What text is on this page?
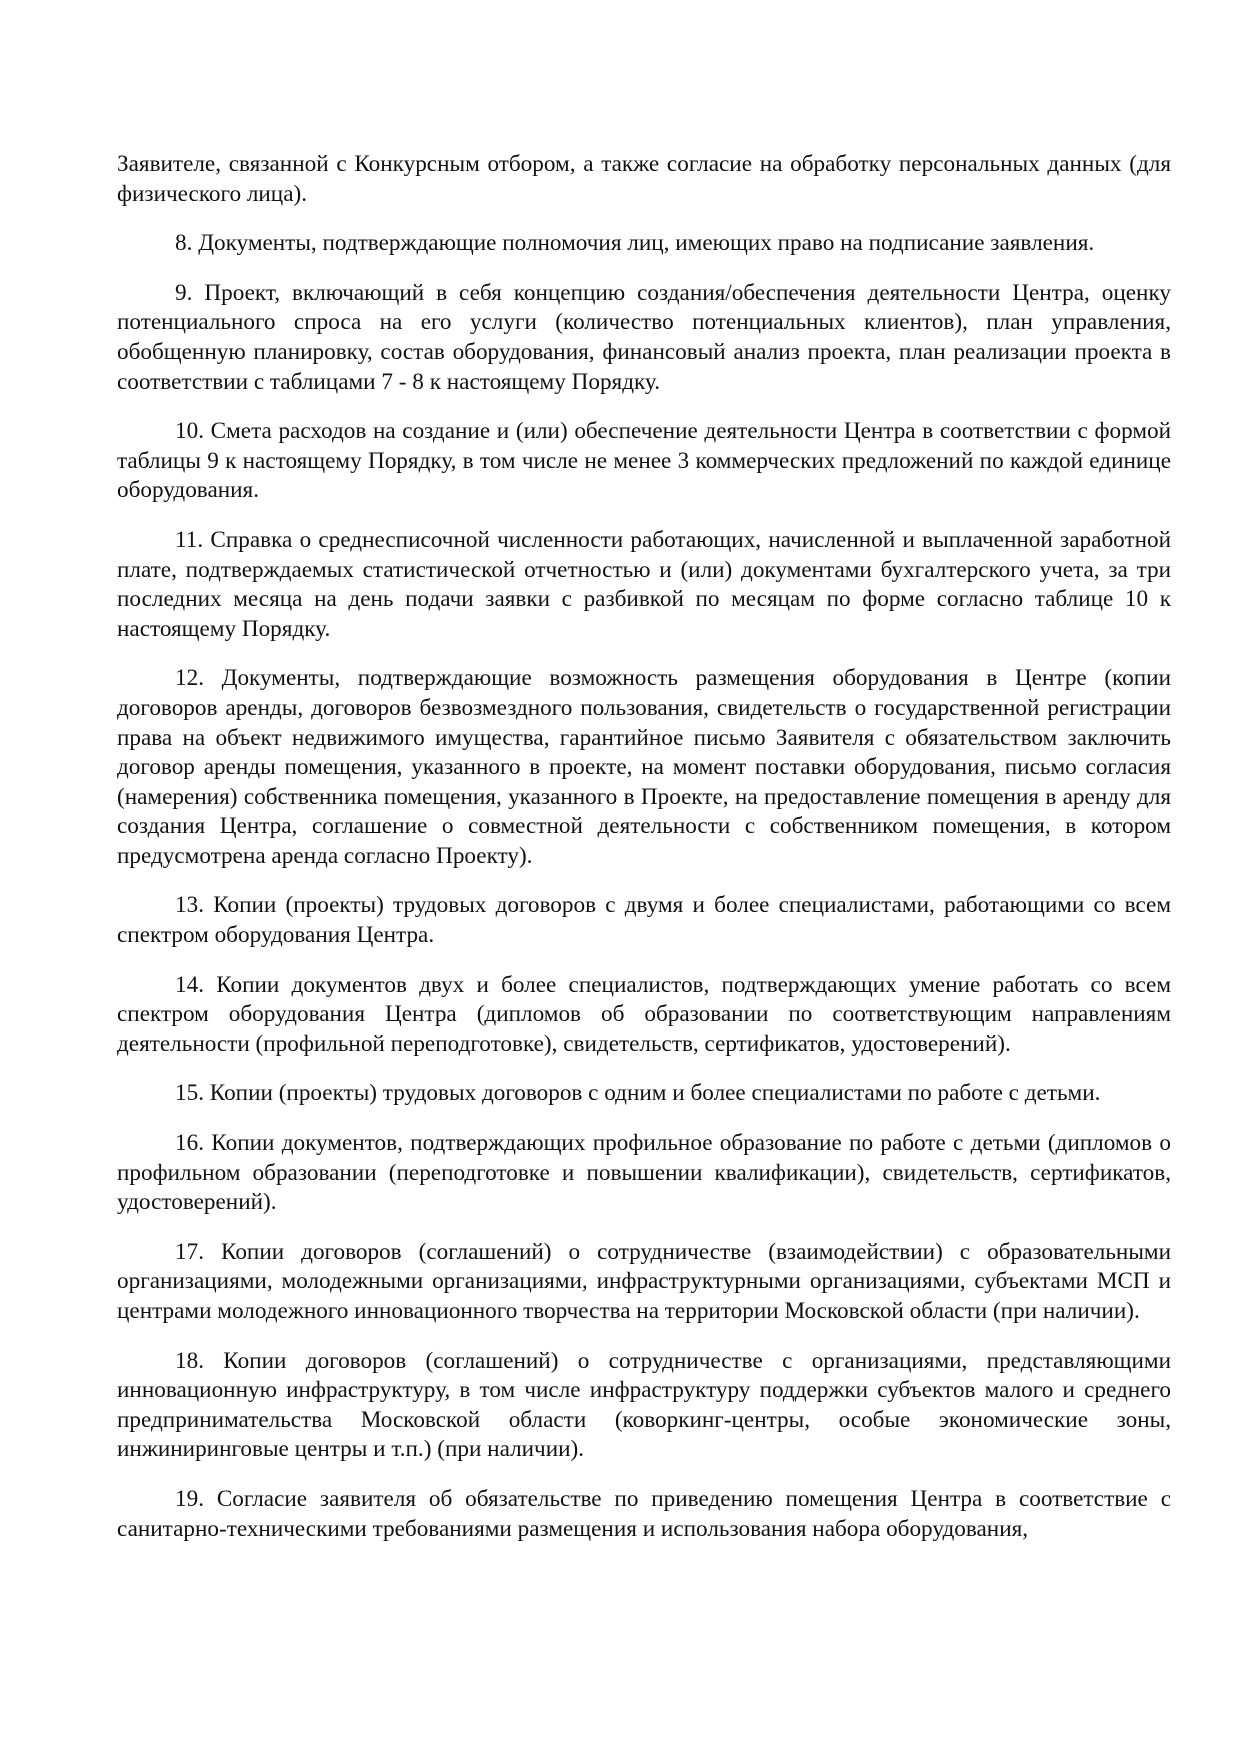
Заявителе, связанной с Конкурсным отбором, а также согласие на обработку персональных данных (для физического лица).

8. Документы, подтверждающие полномочия лиц, имеющих право на подписание заявления.

9. Проект, включающий в себя концепцию создания/обеспечения деятельности Центра, оценку потенциального спроса на его услуги (количество потенциальных клиентов), план управления, обобщенную планировку, состав оборудования, финансовый анализ проекта, план реализации проекта в соответствии с таблицами 7 - 8 к настоящему Порядку.

10. Смета расходов на создание и (или) обеспечение деятельности Центра в соответствии с формой таблицы 9 к настоящему Порядку, в том числе не менее 3 коммерческих предложений по каждой единице оборудования.

11. Справка о среднесписочной численности работающих, начисленной и выплаченной заработной плате, подтверждаемых статистической отчетностью и (или) документами бухгалтерского учета, за три последних месяца на день подачи заявки с разбивкой по месяцам по форме согласно таблице 10 к настоящему Порядку.

12. Документы, подтверждающие возможность размещения оборудования в Центре (копии договоров аренды, договоров безвозмездного пользования, свидетельств о государственной регистрации права на объект недвижимого имущества, гарантийное письмо Заявителя с обязательством заключить договор аренды помещения, указанного в проекте, на момент поставки оборудования, письмо согласия (намерения) собственника помещения, указанного в Проекте, на предоставление помещения в аренду для создания Центра, соглашение о совместной деятельности с собственником помещения, в котором предусмотрена аренда согласно Проекту).

13. Копии (проекты) трудовых договоров с двумя и более специалистами, работающими со всем спектром оборудования Центра.

14. Копии документов двух и более специалистов, подтверждающих умение работать со всем спектром оборудования Центра (дипломов об образовании по соответствующим направлениям деятельности (профильной переподготовке), свидетельств, сертификатов, удостоверений).

15. Копии (проекты) трудовых договоров с одним и более специалистами по работе с детьми.

16. Копии документов, подтверждающих профильное образование по работе с детьми (дипломов о профильном образовании (переподготовке и повышении квалификации), свидетельств, сертификатов, удостоверений).

17. Копии договоров (соглашений) о сотрудничестве (взаимодействии) с образовательными организациями, молодежными организациями, инфраструктурными организациями, субъектами МСП и центрами молодежного инновационного творчества на территории Московской области (при наличии).

18. Копии договоров (соглашений) о сотрудничестве с организациями, представляющими инновационную инфраструктуру, в том числе инфраструктуру поддержки субъектов малого и среднего предпринимательства Московской области (коворкинг-центры, особые экономические зоны, инжиниринговые центры и т.п.) (при наличии).

19. Согласие заявителя об обязательстве по приведению помещения Центра в соответствие с санитарно-техническими требованиями размещения и использования набора оборудования,
